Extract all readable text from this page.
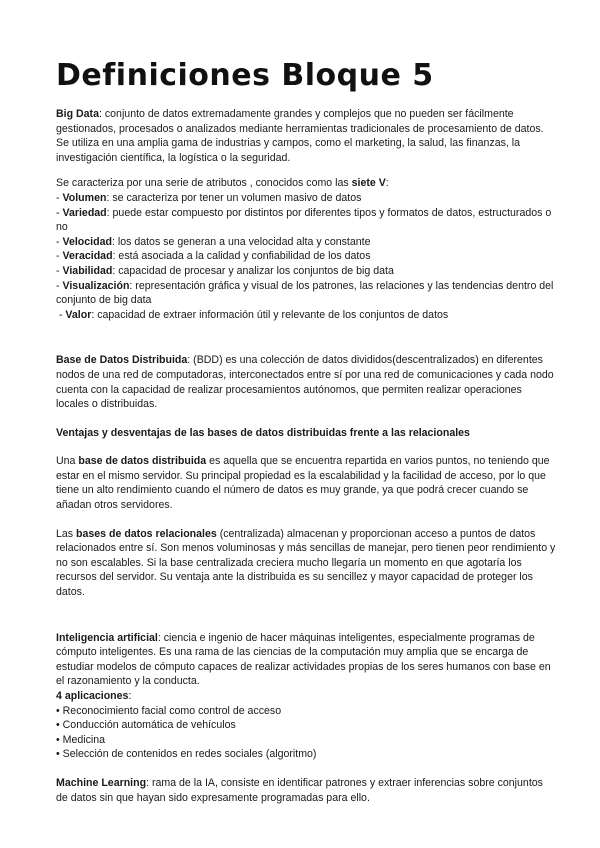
Definiciones Bloque 5

Big Data: conjunto de datos extremadamente grandes y complejos que no pueden ser fácilmente gestionados, procesados o analizados mediante herramientas tradicionales de procesamiento de datos. Se utiliza en una amplia gama de industrias y campos, como el marketing, la salud, las finanzas, la investigación científica, la logística o la seguridad.

Se caracteriza por una serie de atributos , conocidos como las siete V:

- Volumen: se caracteriza por tener un volumen masivo de datos

- Variedad: puede estar compuesto por distintos por diferentes tipos y formatos de datos, estructurados o no

- Velocidad: los datos se generan a una velocidad alta y constante

- Veracidad: está asociada a la calidad y confiabilidad de los datos

- Viabilidad: capacidad de procesar y analizar los conjuntos de big data

- Visualización: representación gráfica y visual de los patrones, las relaciones y las tendencias dentro del conjunto de big data

- Valor: capacidad de extraer información útil y relevante de los conjuntos de datos

Base de Datos Distribuida: (BDD) es una colección de datos divididos(descentralizados) en diferentes nodos de una red de computadoras, interconectados entre sí por una red de comunicaciones y cada nodo cuenta con la capacidad de realizar procesamientos autónomos, que permiten realizar operaciones locales o distribuidas.

Ventajas y desventajas de las bases de datos distribuidas frente a las relacionales

Una base de datos distribuida es aquella que se encuentra repartida en varios puntos, no teniendo que estar en el mismo servidor. Su principal propiedad es la escalabilidad y la facilidad de acceso, por lo que tiene un alto rendimiento cuando el número de datos es muy grande, ya que podrá crecer cuando se añadan otros servidores.

Las bases de datos relacionales (centralizada) almacenan y proporcionan acceso a puntos de datos relacionados entre sí. Son menos voluminosas y más sencillas de manejar, pero tienen peor rendimiento y no son escalables. Si la base centralizada creciera mucho llegaría un momento en que agotaría los recursos del servidor. Su ventaja ante la distribuida es su sencillez y mayor capacidad de proteger los datos.

Inteligencia artificial: ciencia e ingenio de hacer máquinas inteligentes, especialmente programas de cómputo inteligentes. Es una rama de las ciencias de la computación muy amplia que se encarga de estudiar modelos de cómputo capaces de realizar actividades propias de los seres humanos con base en el razonamiento y la conducta.

4 aplicaciones:

• Reconocimiento facial como control de acceso

• Conducción automática de vehículos

• Medicina

• Selección de contenidos en redes sociales (algoritmo)

Machine Learning: rama de la IA, consiste en identificar patrones y extraer inferencias sobre conjuntos de datos sin que hayan sido expresamente programadas para ello.
